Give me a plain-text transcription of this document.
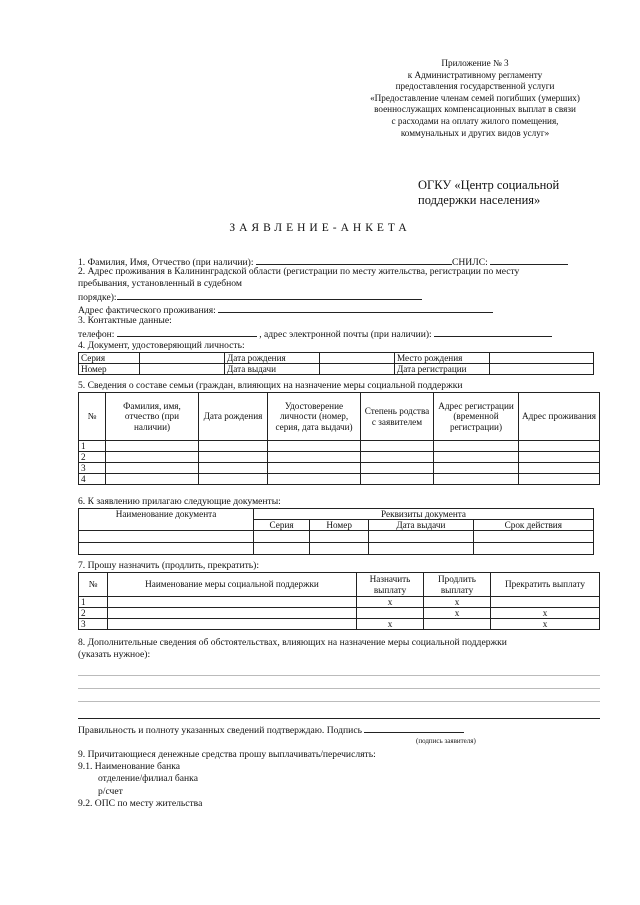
Приложение № 3
к Административному регламенту
предоставления государственной услуги
«Предоставление членам семей погибших (умерших)
военнослужащих компенсационных выплат в связи
с расходами на оплату жилого помещения,
коммунальных и других видов услуг»
ОГКУ «Центр социальной
поддержки населения»
ЗАЯВЛЕНИЕ-АНКЕТА
1. Фамилия, Имя, Отчество (при наличии):	СНИЛС:
2. Адрес проживания в Калининградской области (регистрации по месту жительства, регистрации по месту
пребывания, установленный в судебном
порядке):
Адрес фактического проживания:
3. Контактные данные:
телефон:	, адрес электронной почты (при наличии):
4. Документ, удостоверяющий личность:
Серия		Дата рождения		Место рождения	
Номер		Дата выдачи		Дата регистрации	
5. Сведения о составе семьи (граждан, влияющих на назначение меры социальной поддержки
№	Фамилия, имя, отчество (при наличии)	Дата рождения	Удостоверение личности (номер, серия, дата выдачи)	Степень родства с заявителем	Адрес регистрации (временной регистрации)	Адрес проживания
1						
2						
3						
4						
6. К заявлению прилагаю следующие документы:
Наименование документа	Реквизиты документа			
	Серия	Номер	Дата выдачи	Срок действия

7. Прошу назначить (продлить, прекратить):
№	Наименование меры социальной поддержки	Назначить выплату	Продлить выплату	Прекратить выплату
1		x	x	
2			x	x
3		x		x
8. Дополнительные сведения об обстоятельствах, влияющих на назначение меры социальной поддержки
(указать нужное):
Правильность и полноту указанных сведений подтверждаю. Подпись
(подпись заявителя)
9. Причитающиеся денежные средства прошу выплачивать/перечислять:
9.1. Наименование банка
отделение/филиал банка
р/счет
9.2. ОПС по месту жительства
